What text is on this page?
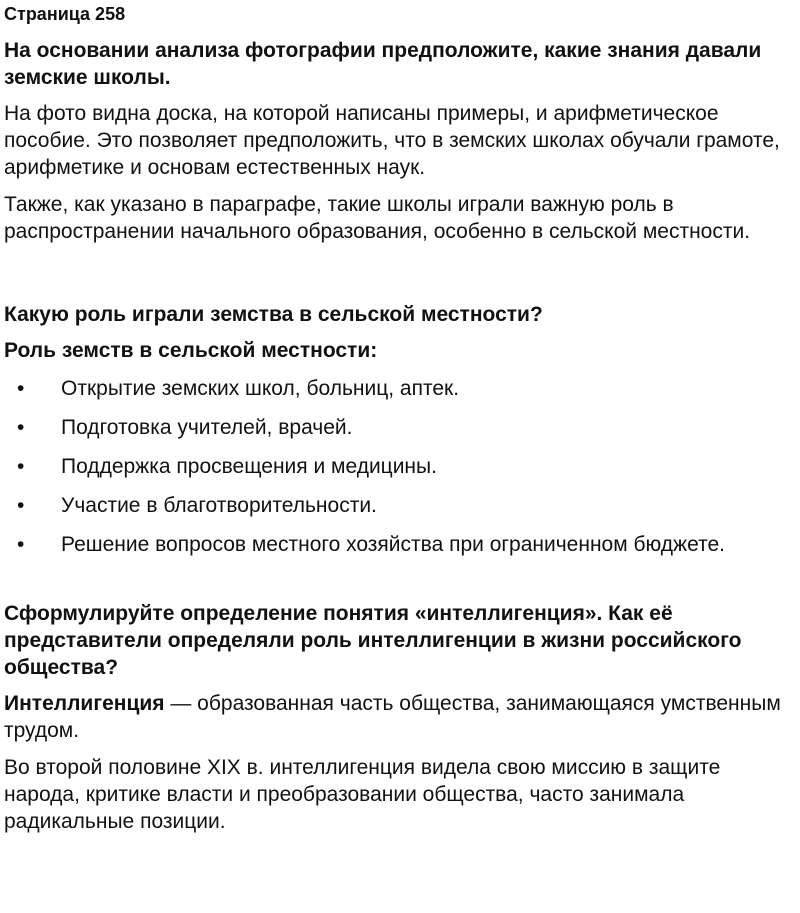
Страница 258

На основании анализа фотографии предположите, какие знания давали земские школы.

На фото видна доска, на которой написаны примеры, и арифметическое пособие. Это позволяет предположить, что в земских школах обучали грамоте, арифметике и основам естественных наук.

Также, как указано в параграфе, такие школы играли важную роль в распространении начального образования, особенно в сельской местности.

Какую роль играли земства в сельской местности?

Роль земств в сельской местности:

• Открытие земских школ, больниц, аптек.
• Подготовка учителей, врачей.
• Поддержка просвещения и медицины.
• Участие в благотворительности.
• Решение вопросов местного хозяйства при ограниченном бюджете.

Сформулируйте определение понятия «интеллигенция». Как её представители определяли роль интеллигенции в жизни российского общества?

Интеллигенция — образованная часть общества, занимающаяся умственным трудом.

Во второй половине XIX в. интеллигенция видела свою миссию в защите народа, критике власти и преобразовании общества, часто занимала радикальные позиции.
